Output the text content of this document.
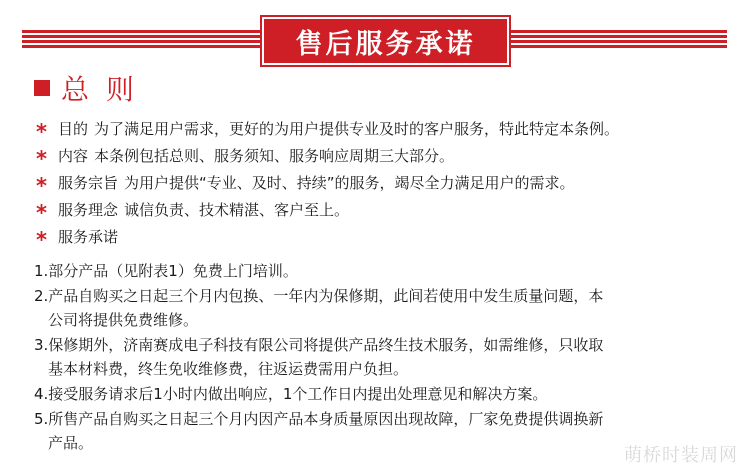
售后服务承诺
总 则
* 目的 为了满足用户需求，更好的为用户提供专业及时的客户服务，特此特定本条例。
* 内容 本条例包括总则、服务须知、服务响应周期三大部分。
* 服务宗旨 为用户提供“专业、及时、持续”的服务，竭尽全力满足用户的需求。
* 服务理念 诚信负责、技术精湛、客户至上。
* 服务承诺
1.部分产品（见附表1）免费上门培训。
2.产品自购买之日起三个月内包换、一年内为保修期，此间若使用中发生质量问题，本
公司将提供免费维修。
3.保修期外，济南赛成电子科技有限公司将提供产品终生技术服务，如需维修，只收取
基本材料费，终生免收维修费，往返运费需用户负担。
4.接受服务请求后1小时内做出响应，1个工作日内提出处理意见和解决方案。
5.所售产品自购买之日起三个月内因产品本身质量原因出现故障，厂家免费提供调换新
产品。
萌桥时装周网
